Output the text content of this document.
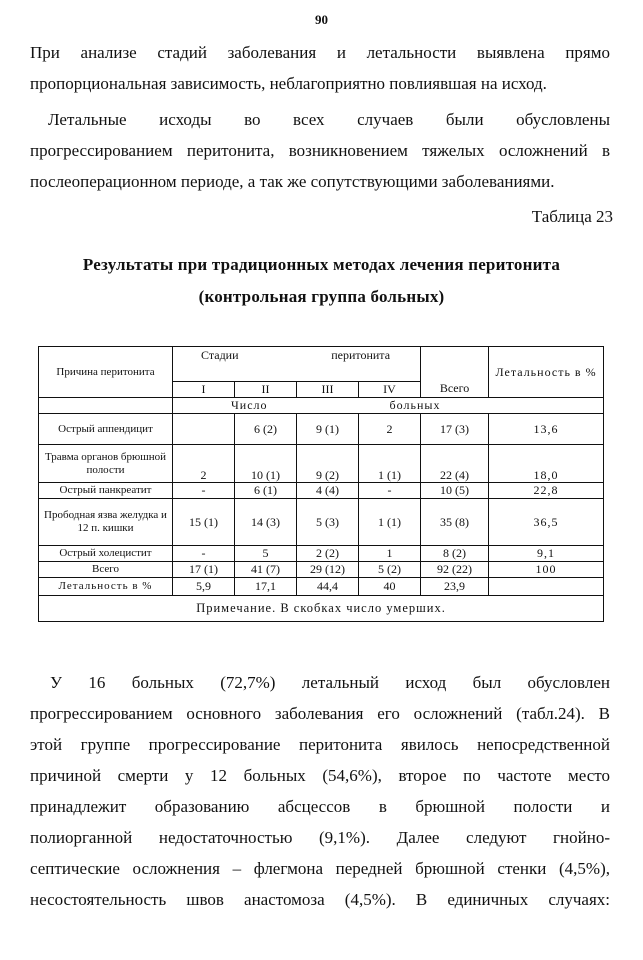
90

При анализе стадий заболевания и летальности выявлена прямо
пропорциональная зависимость, неблагоприятно повлиявшая на исход.

Летальные исходы во всех случаев были обусловлены
прогрессированием перитонита, возникновением тяжелых осложнений в
послеоперационном периоде, а так же сопутствующими заболеваниями.

Таблица 23
Результаты при традиционных методах лечения перитонита
(контрольная группа больных)
Причина перитонита	Стадии перитонита				Всего	Летальность в %
	I	II	III	IV		
	Число больных					
Острый аппендицит		6 (2)	9 (1)	2	17 (3)	13,6
Травма органов брюшной полости	2	10 (1)	9 (2)	1 (1)	22 (4)	18,0
Острый панкреатит	-	6 (1)	4 (4)	-	10 (5)	22,8
Прободная язва желудка и 12 п. кишки	15 (1)	14 (3)	5 (3)	1 (1)	35 (8)	36,5
Острый холецистит	-	5	2 (2)	1	8 (2)	9,1
Всего	17 (1)	41 (7)	29 (12)	5 (2)	92 (22)	100
Летальность в %	5,9	17,1	44,4	40	23,9	
Примечание. В скобках число умерших.						

У 16 больных (72,7%) летальный исход был обусловлен
прогрессированием основного заболевания его осложнений (табл.24). В
этой группе прогрессирование перитонита явилось непосредственной
причиной смерти у 12 больных (54,6%), второе по частоте место
принадлежит образованию абсцессов в брюшной полости и
полиорганной недостаточностью (9,1%). Далее следуют гнойно-
септические осложнения – флегмона передней брюшной стенки (4,5%),
несостоятельность швов анастомоза (4,5%). В единичных случаях:
